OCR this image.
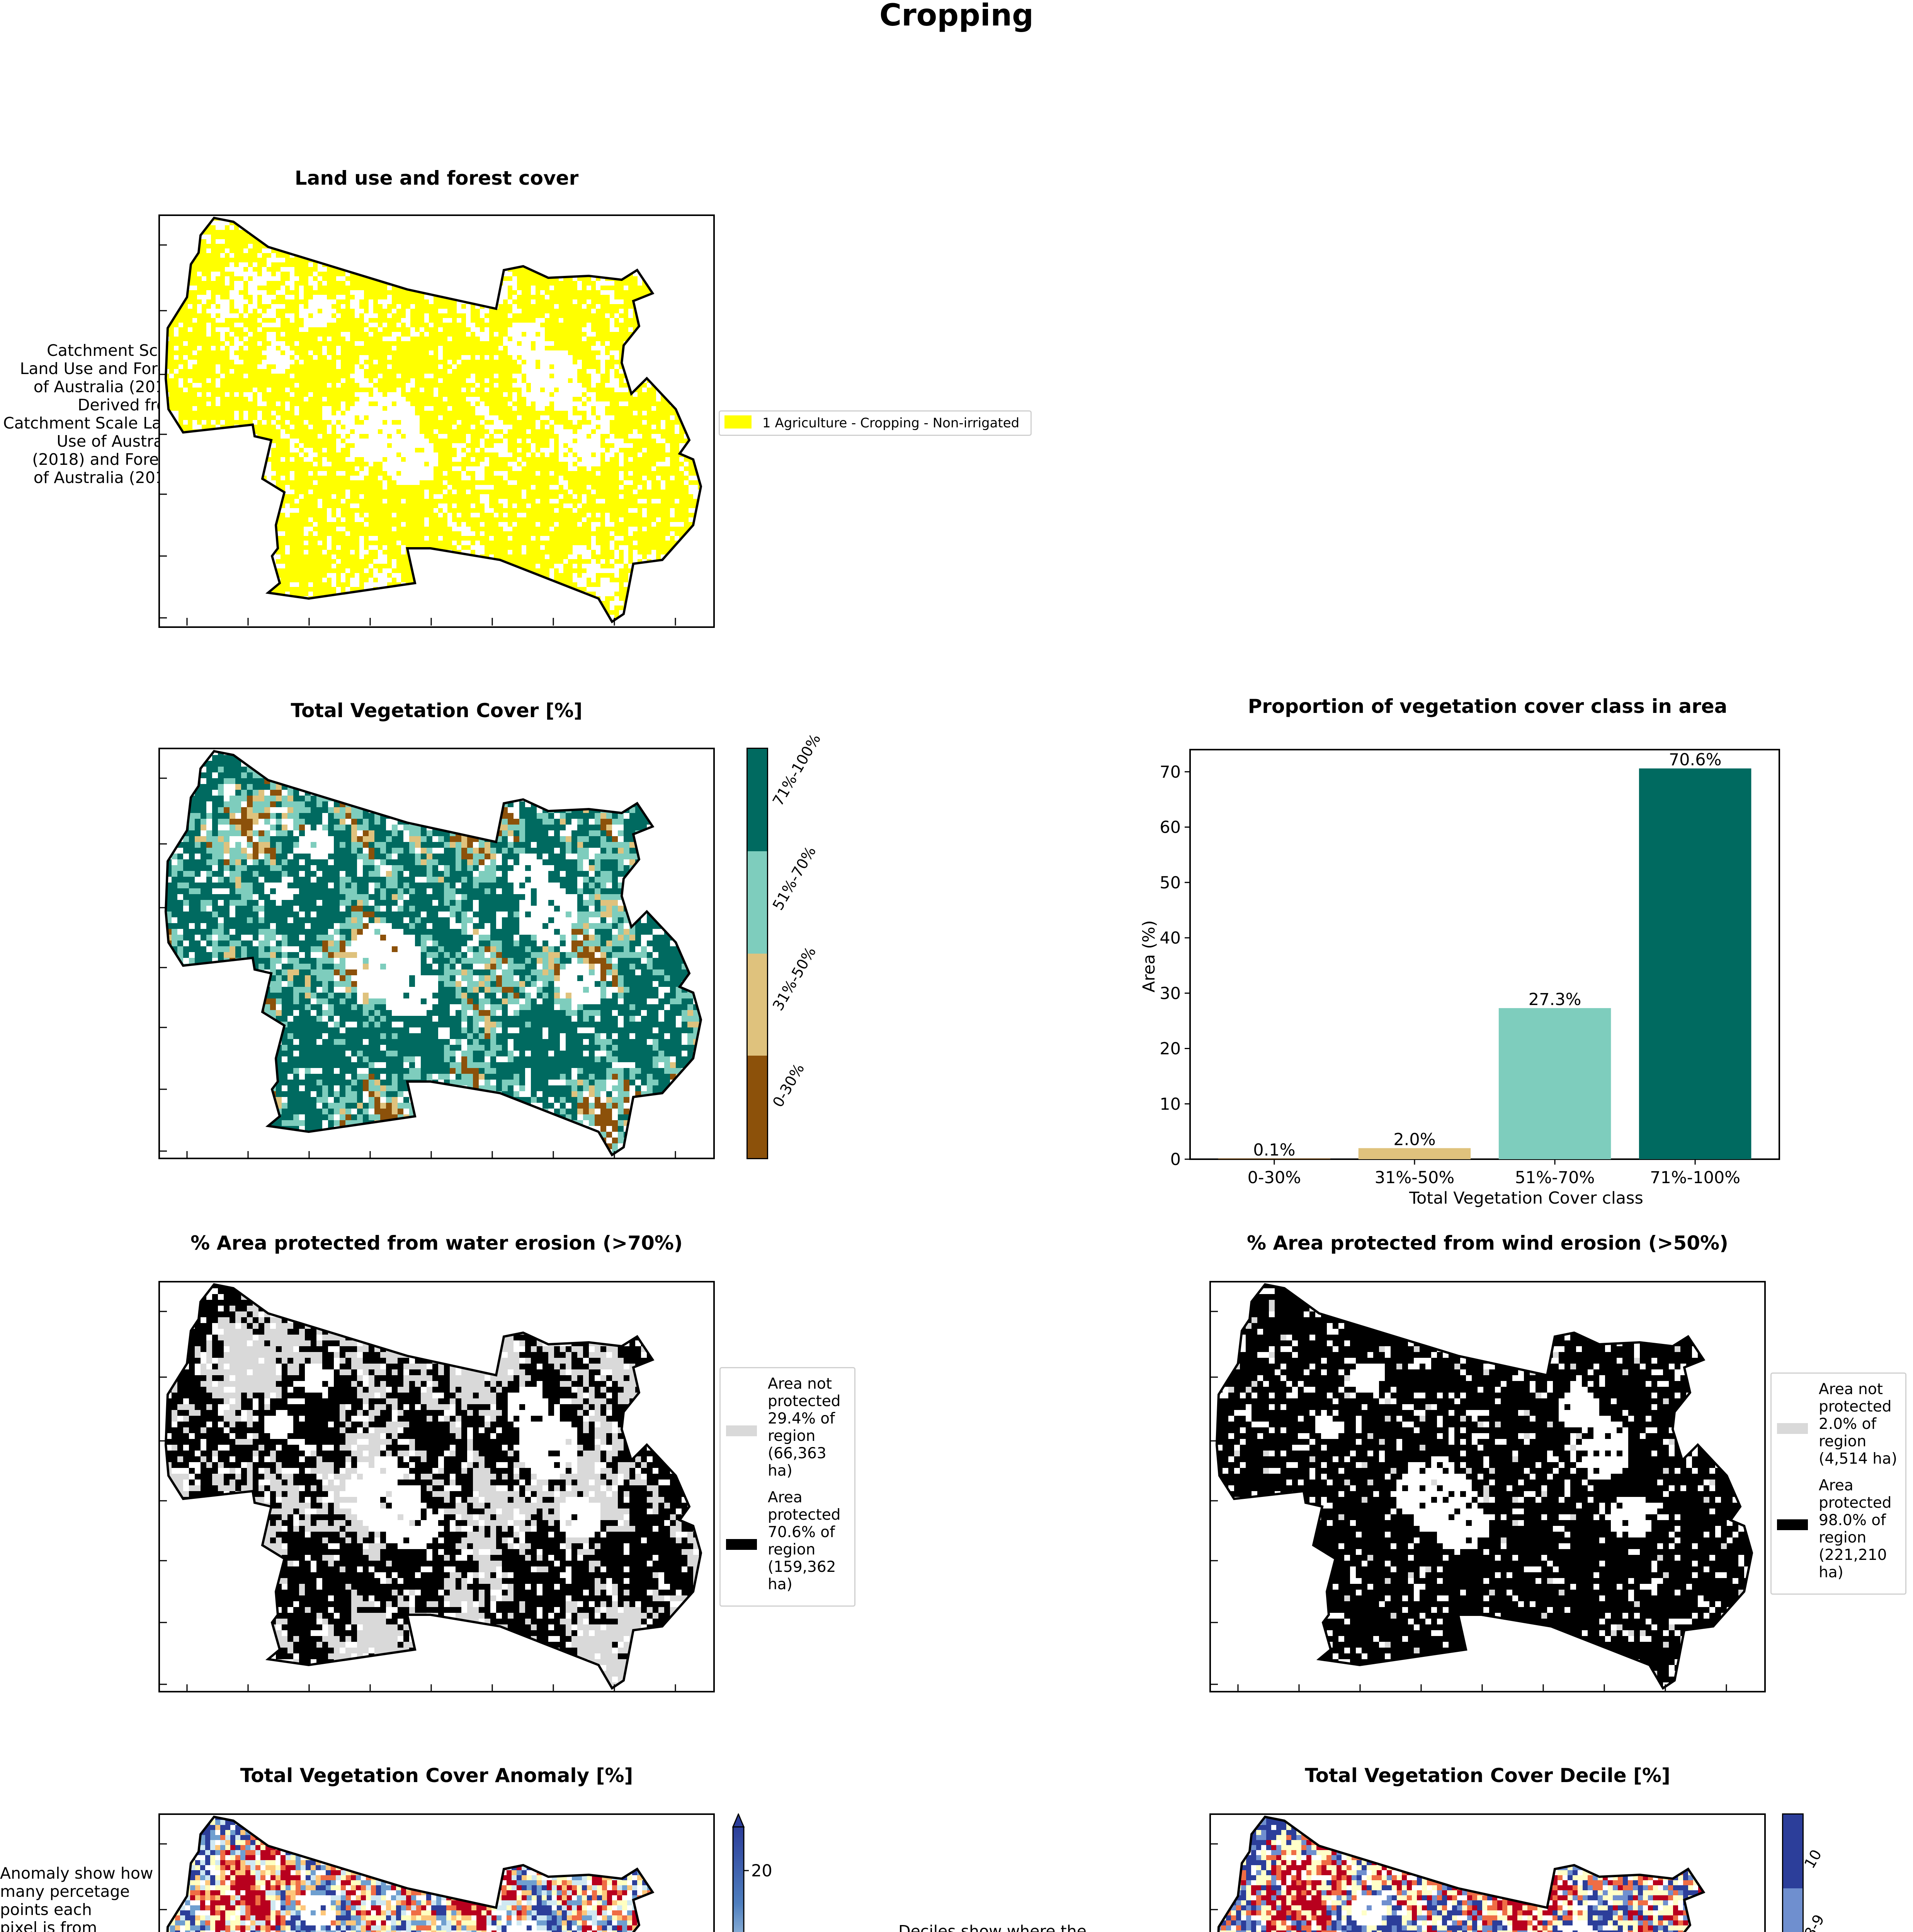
Cropping
Land use and forest cover
Catchment
Land Use and Forest
of Australia (2018)
Derived
Catchment Scale
Use of Australia
(2018) and Forests
of Australia (2018)
1 Agriculture - Cropping - Non-irrigated
Total Vegetation Cover [%]
71%-100%
51%-70%
31%-50%
0-30%
Proportion of vegetation cover class in area
0
10
20
30
40
50
60
70
0-30%
0.1%
31%-50%
2.0%
51%-70%
27.3%
71%-100%
70.6%
Total Vegetation Cover class
Area (%)
% Area protected from water erosion (>70%)
Area not
protected
29.4% of
region
(66,363
ha)
Area
protected
70.6% of
region
(159,362
ha)
% Area protected from wind erosion (>50%)
Area not
protected
2.0% of
region
(4,514 ha)
Area
protected
98.0% of
region
(221,210
ha)
Total Vegetation Cover Anomaly [%]
Anomaly show how
many percetage
points each
pixel is from

20
Total Vegetation Cover Decile [%]
Deciles show where the

10
8-9
